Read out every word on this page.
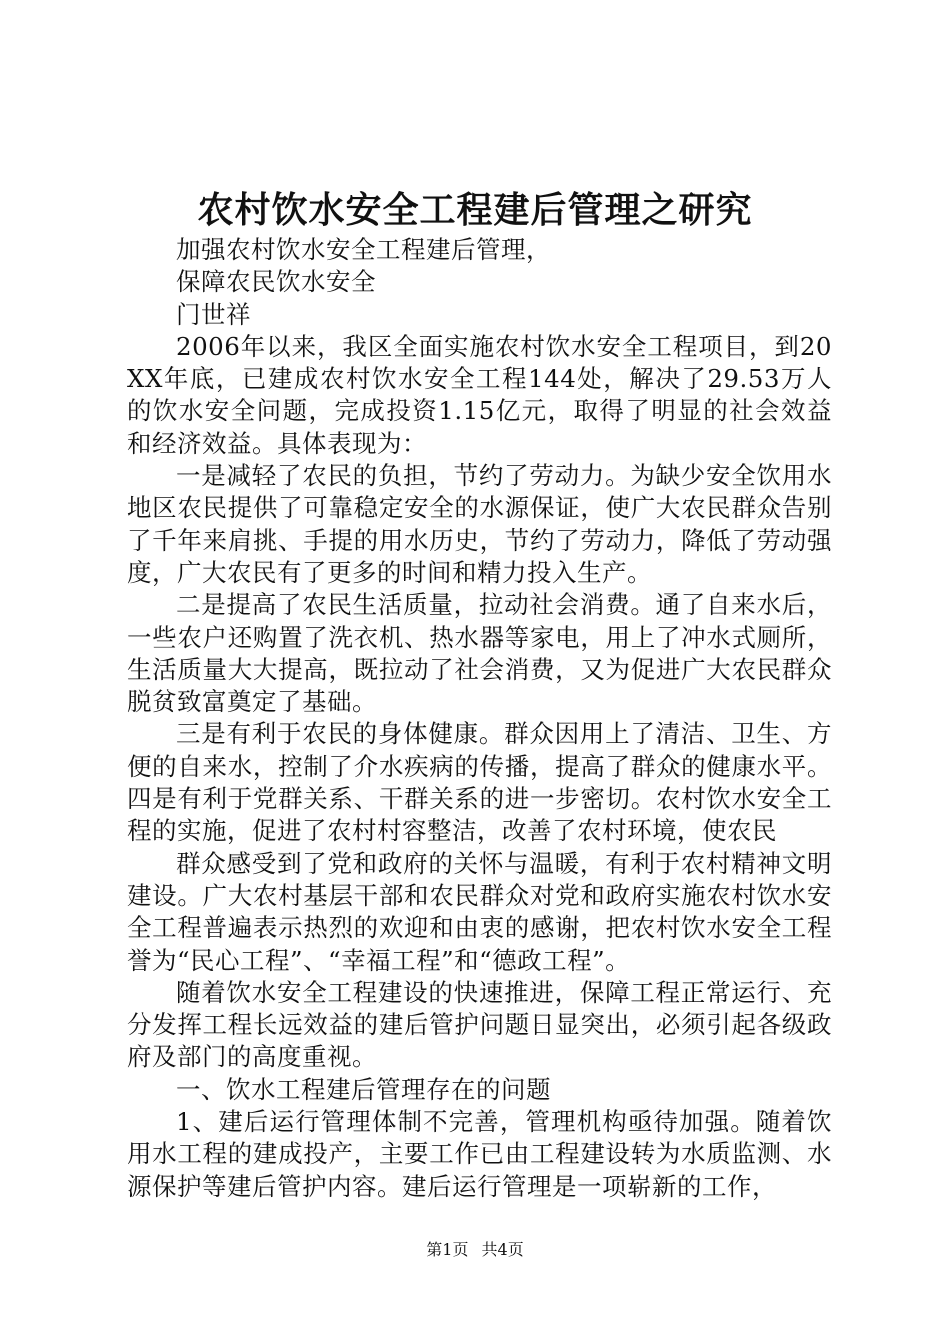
农村饮水安全工程建后管理之研究

加强农村饮水安全工程建后管理，

保障农民饮水安全

门世祥

2006年以来，我区全面实施农村饮水安全工程项目，到20XX年底，已建成农村饮水安全工程144处，解决了29.53万人的饮水安全问题，完成投资1.15亿元，取得了明显的社会效益和经济效益。具体表现为：

一是减轻了农民的负担，节约了劳动力。为缺少安全饮用水地区农民提供了可靠稳定安全的水源保证，使广大农民群众告别了千年来肩挑、手提的用水历史，节约了劳动力，降低了劳动强度，广大农民有了更多的时间和精力投入生产。

二是提高了农民生活质量，拉动社会消费。通了自来水后，一些农户还购置了洗衣机、热水器等家电，用上了冲水式厕所，生活质量大大提高，既拉动了社会消费，又为促进广大农民群众脱贫致富奠定了基础。

三是有利于农民的身体健康。群众因用上了清洁、卫生、方便的自来水，控制了介水疾病的传播，提高了群众的健康水平。四是有利于党群关系、干群关系的进一步密切。农村饮水安全工程的实施，促进了农村村容整洁，改善了农村环境，使农民

群众感受到了党和政府的关怀与温暖，有利于农村精神文明建设。广大农村基层干部和农民群众对党和政府实施农村饮水安全工程普遍表示热烈的欢迎和由衷的感谢，把农村饮水安全工程誉为“民心工程”、“幸福工程”和“德政工程”。

随着饮水安全工程建设的快速推进，保障工程正常运行、充分发挥工程长远效益的建后管护问题日显突出，必须引起各级政府及部门的高度重视。

一、饮水工程建后管理存在的问题

1、建后运行管理体制不完善，管理机构亟待加强。随着饮用水工程的建成投产，主要工作已由工程建设转为水质监测、水源保护等建后管护内容。建后运行管理是一项崭新的工作，

第1页 共4页
